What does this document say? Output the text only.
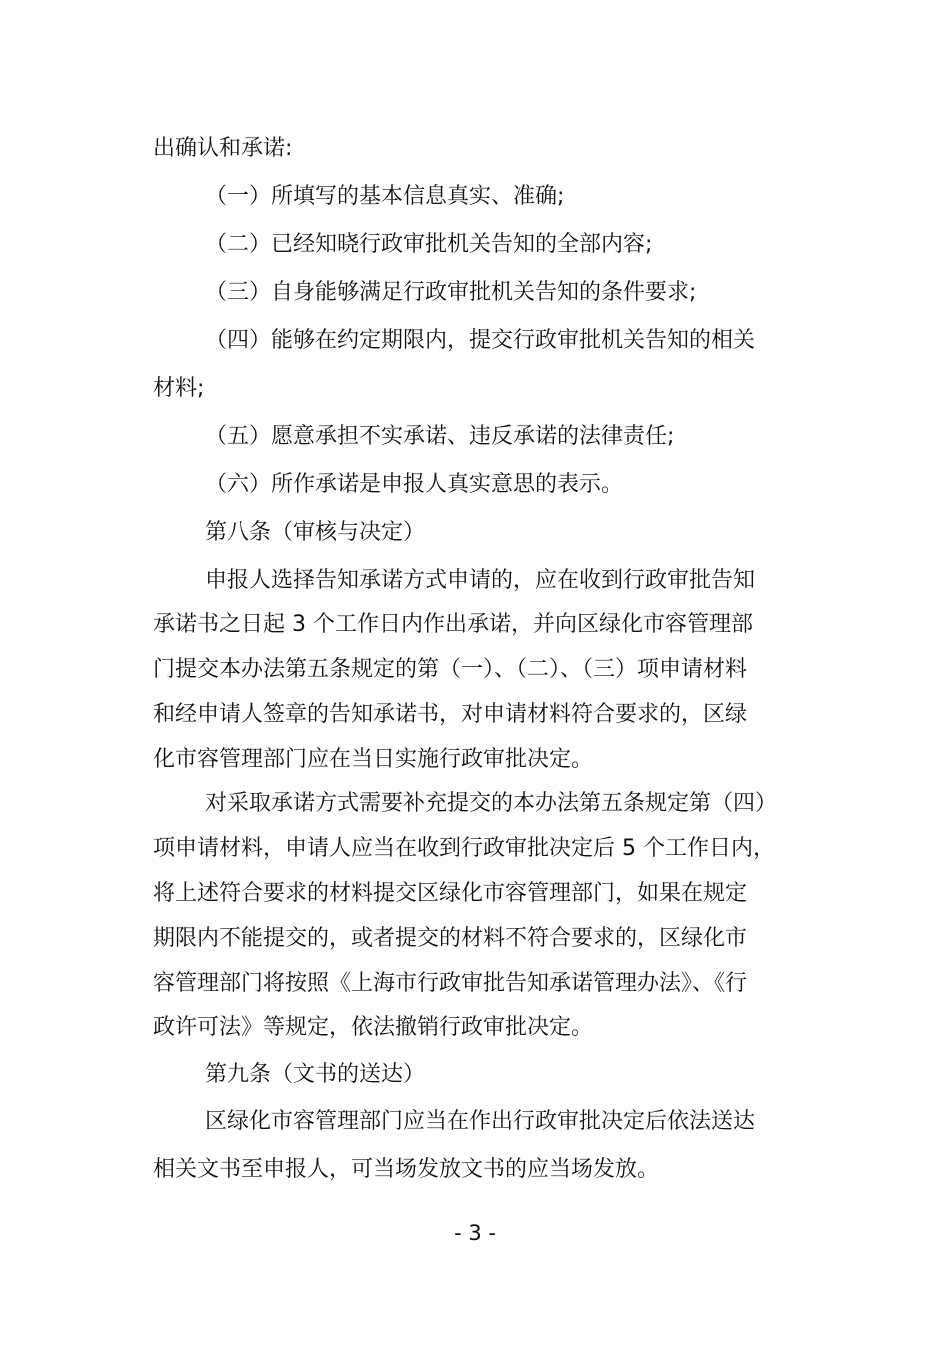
出确认和承诺:

（一）所填写的基本信息真实、准确;

（二）已经知晓行政审批机关告知的全部内容;

（三）自身能够满足行政审批机关告知的条件要求;

（四）能够在约定期限内，提交行政审批机关告知的相关

材料;

（五）愿意承担不实承诺、违反承诺的法律责任;

（六）所作承诺是申报人真实意思的表示。

第八条（审核与决定）

申报人选择告知承诺方式申请的，应在收到行政审批告知

承诺书之日起 3 个工作日内作出承诺，并向区绿化市容管理部

门提交本办法第五条规定的第（一）、（二）、（三）项申请材料

和经申请人签章的告知承诺书，对申请材料符合要求的，区绿

化市容管理部门应在当日实施行政审批决定。

对采取承诺方式需要补充提交的本办法第五条规定第（四）

项申请材料，申请人应当在收到行政审批决定后 5 个工作日内，

将上述符合要求的材料提交区绿化市容管理部门，如果在规定

期限内不能提交的，或者提交的材料不符合要求的，区绿化市

容管理部门将按照《上海市行政审批告知承诺管理办法》、《行

政许可法》等规定，依法撤销行政审批决定。

第九条（文书的送达）

区绿化市容管理部门应当在作出行政审批决定后依法送达

相关文书至申报人，可当场发放文书的应当场发放。

- 3 -
